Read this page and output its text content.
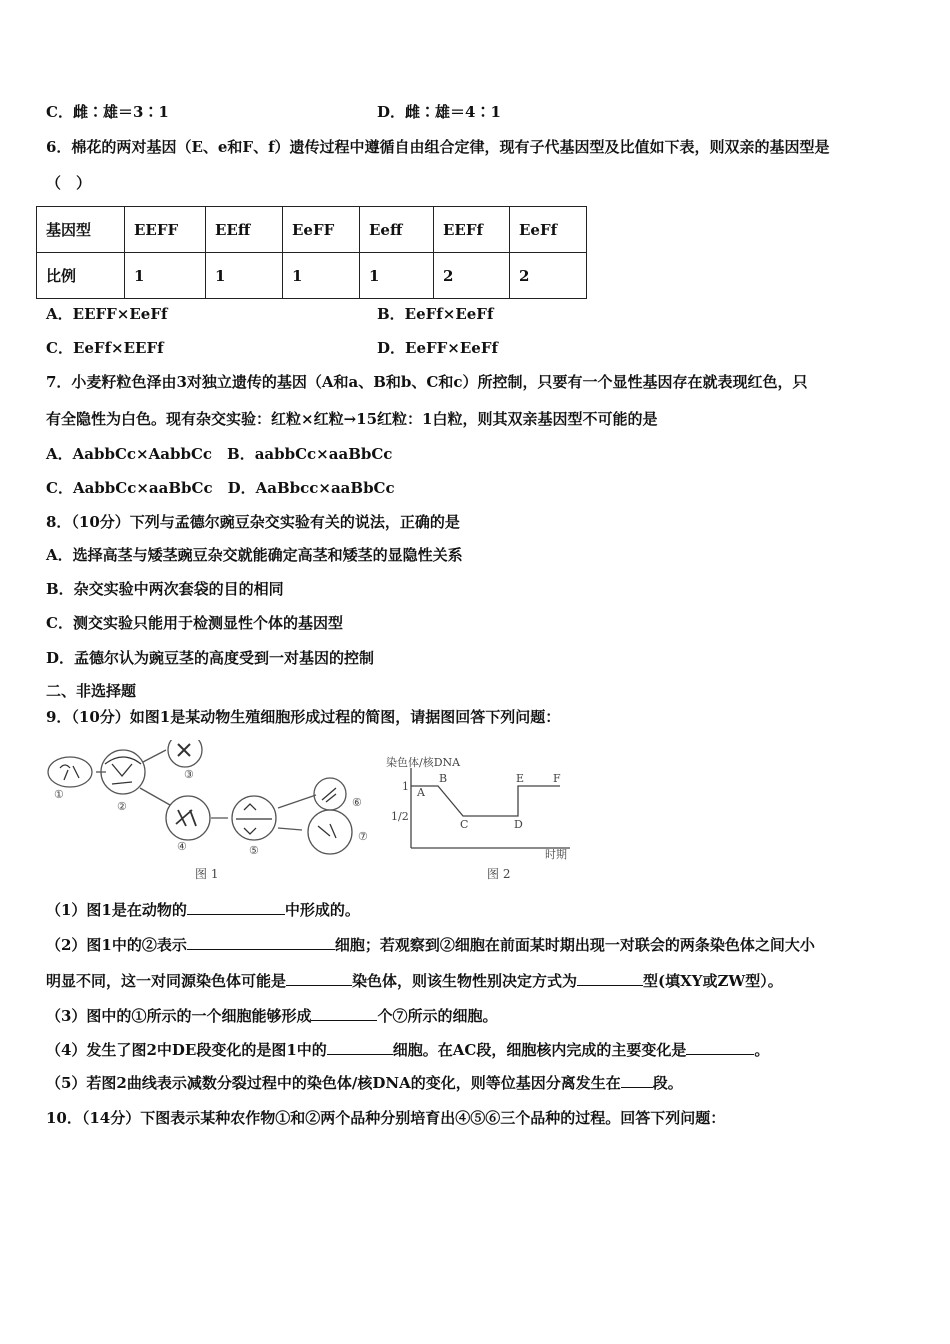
C．雌∶雄＝3∶1	D．雌∶雄＝4∶1
6．棉花的两对基因（E、e和F、f）遗传过程中遵循自由组合定律，现有子代基因型及比值如下表，则双亲的基因型是
（　）
基因型	EEFF	EEff	EeFF	Eeff	EEFf	EeFf
比例	1	1	1	1	2	2
A．EEFF×EeFf	B．EeFf×EeFf
C．EeFf×EEFf	D．EeFF×EeFf
7．小麦籽粒色泽由3对独立遗传的基因（A和a、B和b、C和c）所控制，只要有一个显性基因存在就表现红色，只
有全隐性为白色。现有杂交实验：红粒×红粒→15红粒：1白粒，则其双亲基因型不可能的是
A．AabbCc×AabbCc　B．aabbCc×aaBbCc
C．AabbCc×aaBbCc　D．AaBbcc×aaBbCc
8．（10分）下列与孟德尔豌豆杂交实验有关的说法，正确的是
A．选择高茎与矮茎豌豆杂交就能确定高茎和矮茎的显隐性关系
B．杂交实验中两次套袋的目的相同
C．测交实验只能用于检测显性个体的基因型
D．孟德尔认为豌豆茎的高度受到一对基因的控制
二、非选择题
9．（10分）如图1是某动物生殖细胞形成过程的简图，请据图回答下列问题：
①
②
③
④	⑤
⑥
⑦
图 1
染色体/核DNA
时期
1
1/2
A
B
C	D
E	F
图 2
（1）图1是在动物的	中形成的。
（2）图1中的②表示	细胞；若观察到②细胞在前面某时期出现一对联会的两条染色体之间大小
明显不同，这一对同源染色体可能是	染色体，则该生物性别决定方式为	型(填XY或ZW型）。
（3）图中的①所示的一个细胞能够形成	个⑦所示的细胞。
（4）发生了图2中DE段变化的是图1中的	细胞。在AC段，细胞核内完成的主要变化是	。
（5）若图2曲线表示减数分裂过程中的染色体/核DNA的变化，则等位基因分离发生在 段。
10．（14分）下图表示某种农作物①和②两个品种分别培育出④⑤⑥三个品种的过程。回答下列问题：
